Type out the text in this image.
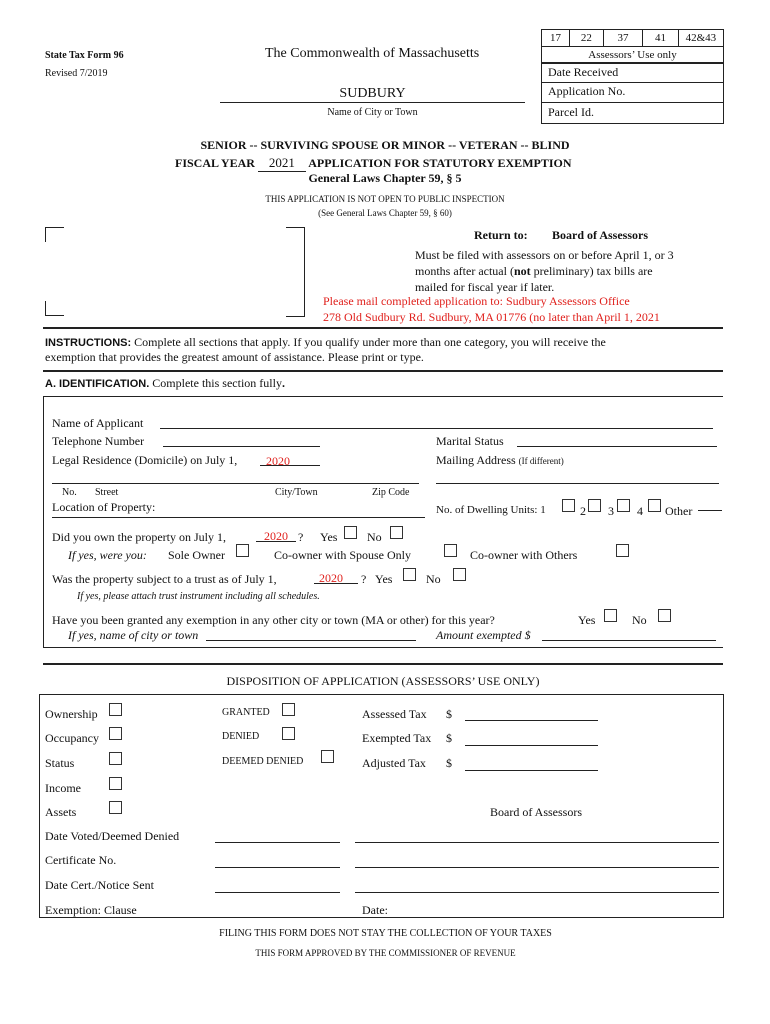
State Tax Form 96
Revised 7/2019
The Commonwealth of Massachusetts
SUDBURY
Name of City or Town
17	22	37	41	42&43
Assessors’ Use only
Date Received
Application No.
Parcel Id.
SENIOR -- SURVIVING SPOUSE OR MINOR -- VETERAN -- BLIND
FISCAL YEAR 2021 APPLICATION FOR STATUTORY EXEMPTION
General Laws Chapter 59, § 5
THIS APPLICATION IS NOT OPEN TO PUBLIC INSPECTION
(See General Laws Chapter 59, § 60)
Return to: Board of Assessors
Must be filed with assessors on or before April 1, or 3
months after actual (not preliminary) tax bills are
mailed for fiscal year if later.
Please mail completed application to: Sudbury Assessors Office
278 Old Sudbury Rd. Sudbury, MA 01776 (no later than April 1, 2021
INSTRUCTIONS: Complete all sections that apply. If you qualify under more than one category, you will receive the
exemption that provides the greatest amount of assistance. Please print or type.
A. IDENTIFICATION. Complete this section fully.
Name of Applicant
Telephone Number	Marital Status
Legal Residence (Domicile) on July 1, 2020	Mailing Address (If different)
No. Street	City/Town	Zip Code
Location of Property:	No. of Dwelling Units: 1	2 3 4 Other
Did you own the property on July 1,	2020 ? Yes No
If yes, were you: Sole Owner	Co-owner with Spouse Only	Co-owner with Others
Was the property subject to a trust as of July 1,	2020	? Yes	No
If yes, please attach trust instrument including all schedules.
Have you been granted any exemption in any other city or town (MA or other) for this year?	Yes	No
If yes, name of city or town	Amount exempted $
DISPOSITION OF APPLICATION (ASSESSORS’ USE ONLY)
Ownership
Occupancy
Status
Income
Assets
GRANTED
DENIED
DEEMED DENIED
Assessed Tax $
Exempted Tax $
Adjusted Tax $
Board of Assessors
Date Voted/Deemed Denied
Certificate No.
Date Cert./Notice Sent
Exemption: Clause	Date:
FILING THIS FORM DOES NOT STAY THE COLLECTION OF YOUR TAXES
THIS FORM APPROVED BY THE COMMISSIONER OF REVENUE
